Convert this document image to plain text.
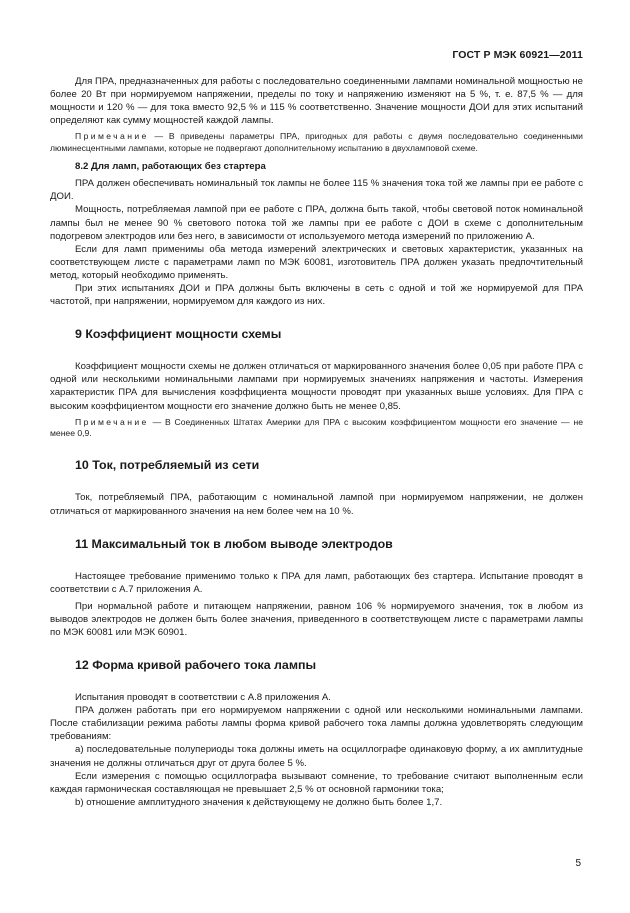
ГОСТ Р МЭК 60921—2011

Для ПРА, предназначенных для работы с последовательно соединенными лампами номинальной мощностью не более 20 Вт при нормируемом напряжении, пределы по току и напряжению изменяют на 5 %, т. е. 87,5 % — для мощности и 120 % — для тока вместо 92,5 % и 115 % соответственно. Значение мощности ДОИ для этих испытаний определяют как сумму мощностей каждой лампы.

Примечание — В приведены параметры ПРА, пригодных для работы с двумя последовательно соединенными люминесцентными лампами, которые не подвергают дополнительному испытанию в двухламповой схеме.

8.2 Для ламп, работающих без стартера

ПРА должен обеспечивать номинальный ток лампы не более 115 % значения тока той же лампы при ее работе с ДОИ.

Мощность, потребляемая лампой при ее работе с ПРА, должна быть такой, чтобы световой поток номинальной лампы был не менее 90 % светового потока той же лампы при ее работе с ДОИ в схеме с дополнительным подогревом электродов или без него, в зависимости от используемого метода измерений по приложению А.

Если для ламп применимы оба метода измерений электрических и световых характеристик, указанных на соответствующем листе с параметрами ламп по МЭК 60081, изготовитель ПРА должен указать предпочтительный метод, который необходимо применять.

При этих испытаниях ДОИ и ПРА должны быть включены в сеть с одной и той же нормируемой для ПРА частотой, при напряжении, нормируемом для каждого из них.

9 Коэффициент мощности схемы

Коэффициент мощности схемы не должен отличаться от маркированного значения более 0,05 при работе ПРА с одной или несколькими номинальными лампами при нормируемых значениях напряжения и частоты. Измерения характеристик ПРА для вычисления коэффициента мощности проводят при указанных выше условиях. Для ПРА с высоким коэффициентом мощности его значение должно быть не менее 0,85.

Примечание — В Соединенных Штатах Америки для ПРА с высоким коэффициентом мощности его значение — не менее 0,9.

10 Ток, потребляемый из сети

Ток, потребляемый ПРА, работающим с номинальной лампой при нормируемом напряжении, не должен отличаться от маркированного значения на нем более чем на 10 %.

11 Максимальный ток в любом выводе электродов

Настоящее требование применимо только к ПРА для ламп, работающих без стартера. Испытание проводят в соответствии с А.7 приложения А.

При нормальной работе и питающем напряжении, равном 106 % нормируемого значения, ток в любом из выводов электродов не должен быть более значения, приведенного в соответствующем листе с параметрами лампы по МЭК 60081 или МЭК 60901.

12 Форма кривой рабочего тока лампы

Испытания проводят в соответствии с А.8 приложения А.

ПРА должен работать при его нормируемом напряжении с одной или несколькими номинальными лампами. После стабилизации режима работы лампы форма кривой рабочего тока лампы должна удовлетворять следующим требованиям:

а) последовательные полупериоды тока должны иметь на осциллографе одинаковую форму, а их амплитудные значения не должны отличаться друг от друга более 5 %.

Если измерения с помощью осциллографа вызывают сомнение, то требование считают выполненным если каждая гармоническая составляющая не превышает 2,5 % от основной гармоники тока;

b) отношение амплитудного значения к действующему не должно быть более 1,7.

5
